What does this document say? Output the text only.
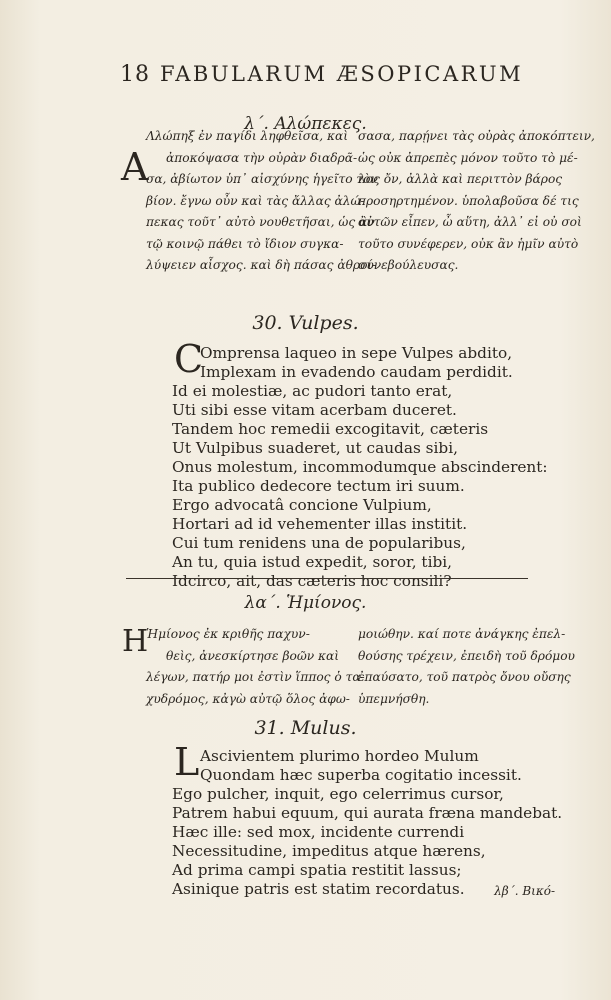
18 FABULARUM ÆSOPICARUM
λ΄. Αλώπεκες.
A
Λλώπηξ ἐν παγίδι ληφθεῖσα, καὶ
ἀποκόψασα τὴν οὐρὰν διαδρᾶ-
σα, ἀβίωτον ὑπ᾽ αἰσχύνης ἡγεῖτο τὸν
βίον. ἔγνω οὖν καὶ τὰς ἄλλας ἀλώ-
πεκας τοῦτ᾽ αὐτὸ νουθετῆσαι, ὡς ἂν
τῷ κοινῷ πάθει τὸ ἴδιον συγκα-
λύψειεν αἶσχος. καὶ δὴ πάσας ἀθροί-
σασα, παρῄνει τὰς οὐρὰς ἀποκόπτειν,
ὡς οὐκ ἀπρεπὲς μόνον τοῦτο τὸ μέ-
λος ὄν, ἀλλὰ καὶ περιττὸν βάρος
προσηρτημένον. ὑπολαβοῦσα δέ τις
αὐτῶν εἶπεν, ὦ αὕτη, ἀλλ᾽ εἰ οὐ σοὶ
τοῦτο συνέφερεν, οὐκ ἂν ἡμῖν αὐτὸ
συνεβούλευσας.
30. Vulpes.
C
Omprensa laqueo in sepe Vulpes abdito,
Implexam in evadendo caudam perdidit.
Id ei molestiæ, ac pudori tanto erat,
Uti sibi esse vitam acerbam duceret.
Tandem hoc remedii excogitavit, cæteris
Ut Vulpibus suaderet, ut caudas sibi,
Onus molestum, incommodumque abscinderent:
Ita publico dedecore tectum iri suum.
Ergo advocatâ concione Vulpium,
Hortari ad id vehementer illas institit.
Cui tum renidens una de popularibus,
An tu, quia istud expedit, soror, tibi,
Idcirco, ait, das cæteris hoc consili?
λα΄. Ἡμίονος.
H
Ἡμίονος ἐκ κριθῆς παχυν-
θεὶς, ἀνεσκίρτησε βοῶν καὶ
λέγων, πατήρ μοι ἐστὶν ἵππος ὁ τα-
χυδρόμος, κἀγὼ αὐτῷ ὅλος ἀφω-
μοιώθην. καί ποτε ἀνάγκης ἐπελ-
θούσης τρέχειν, ἐπειδὴ τοῦ δρόμου
ἐπαύσατο, τοῦ πατρὸς ὄνου οὔσης
ὑπεμνήσθη.
31. Mulus.
L Ascivientem plurimo hordeo Mulum
Quondam hæc superba cogitatio incessit.
Ego pulcher, inquit, ego celerrimus cursor,
Patrem habui equum, qui aurata fræna mandebat.
Hæc ille: sed mox, incidente currendi
Necessitudine, impeditus atque hærens,
Ad prima campi spatia restitit lassus;
Asinique patris est statim recordatus.	λβ΄. Βικό-
